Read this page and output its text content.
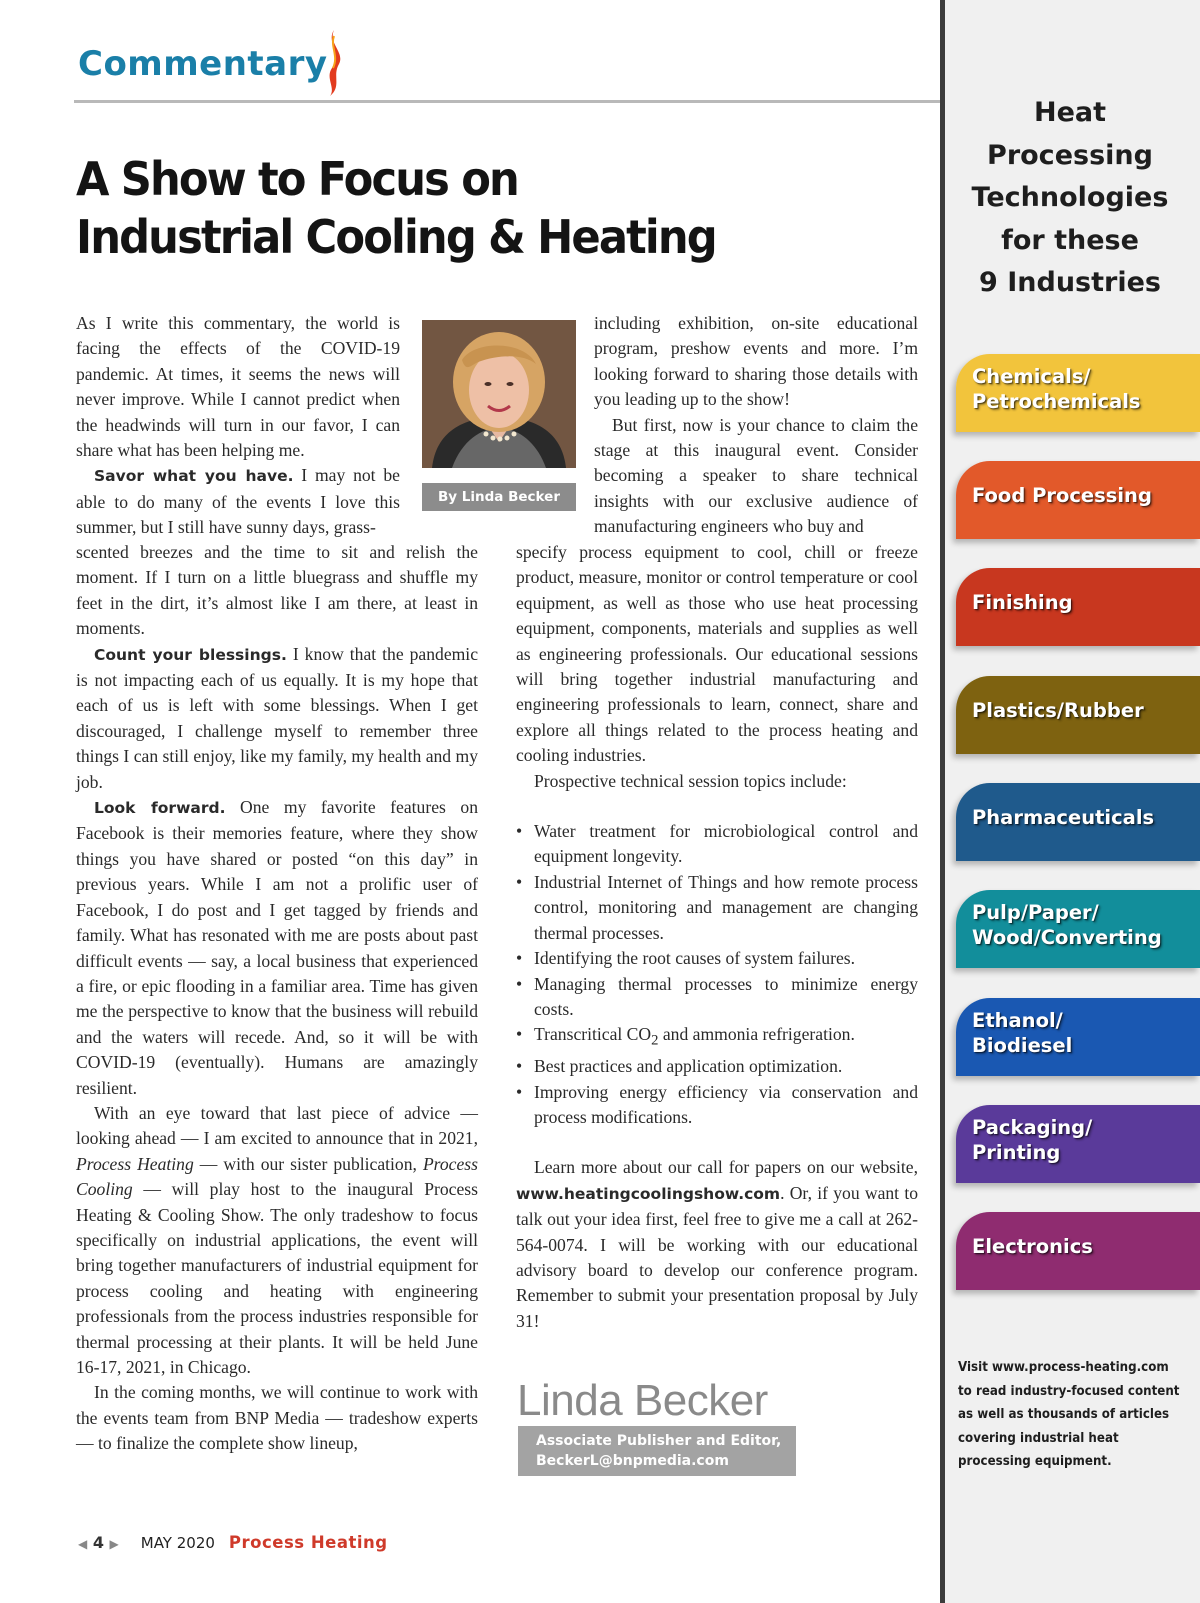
Commentary
A Show to Focus on
Industrial Cooling & Heating

As I write this commentary, the world is facing the effects of the COVID-19 pandemic. At times, it seems the news will never improve. While I cannot predict when the headwinds will turn in our favor, I can share what has been helping me.

Savor what you have. I may not be able to do many of the events I love this summer, but I still have sunny days, grass-

By Linda Becker

scented breezes and the time to sit and relish the moment. If I turn on a little bluegrass and shuffle my feet in the dirt, it’s almost like I am there, at least in moments.

Count your blessings. I know that the pandemic is not impacting each of us equally. It is my hope that each of us is left with some blessings. When I get discouraged, I challenge myself to remember three things I can still enjoy, like my family, my health and my job.

Look forward. One my favorite features on Facebook is their memories feature, where they show things you have shared or posted “on this day” in previous years. While I am not a prolific user of Facebook, I do post and I get tagged by friends and family. What has resonated with me are posts about past difficult events — say, a local business that experienced a fire, or epic flooding in a familiar area. Time has given me the perspective to know that the business will rebuild and the waters will recede. And, so it will be with COVID-19 (eventually). Humans are amazingly resilient.

With an eye toward that last piece of advice — looking ahead — I am excited to announce that in 2021, Process Heating — with our sister publication, Process Cooling — will play host to the inaugural Process Heating & Cooling Show. The only tradeshow to focus specifically on industrial applications, the event will bring together manufacturers of industrial equipment for process cooling and heating with engineering professionals from the process industries responsible for thermal processing at their plants. It will be held June 16-17, 2021, in Chicago.

In the coming months, we will continue to work with the events team from BNP Media — tradeshow experts — to finalize the complete show lineup,

including exhibition, on-site educational program, preshow events and more. I’m looking forward to sharing those details with you leading up to the show!

But first, now is your chance to claim the stage at this inaugural event. Consider becoming a speaker to share technical insights with our exclusive audience of manufacturing engineers who buy and

specify process equipment to cool, chill or freeze product, measure, monitor or control temperature or cool equipment, as well as those who use heat processing equipment, components, materials and supplies as well as engineering professionals. Our educational sessions will bring together industrial manufacturing and engineering professionals to learn, connect, share and explore all things related to the process heating and cooling industries.

Prospective technical session topics include:

• Water treatment for microbiological control and equipment longevity.
• Industrial Internet of Things and how remote process control, monitoring and management are changing thermal processes.
• Identifying the root causes of system failures.
• Managing thermal processes to minimize energy costs.
• Transcritical $CO_2$ and ammonia refrigeration.
• Best practices and application optimization.
• Improving energy efficiency via conservation and process modifications.

Learn more about our call for papers on our website, www.heatingcoolingshow.com. Or, if you want to talk out your idea first, feel free to give me a call at 262-564-0074. I will be working with our educational advisory board to develop our conference program. Remember to submit your presentation proposal by July 31!

Linda Becker
Associate Publisher and Editor,
BeckerL@bnpmedia.com
◀ 4 ▶ MAY 2020 Process Heating
Heat
Processing
Technologies
for these
9 Industries
Chemicals/
Petrochemicals
Food Processing
Finishing
Plastics/Rubber
Pharmaceuticals
Pulp/Paper/
Wood/Converting
Ethanol/
Biodiesel
Packaging/
Printing
Electronics
Visit www.process-heating.com
to read industry-focused content
as well as thousands of articles
covering industrial heat
processing equipment.
